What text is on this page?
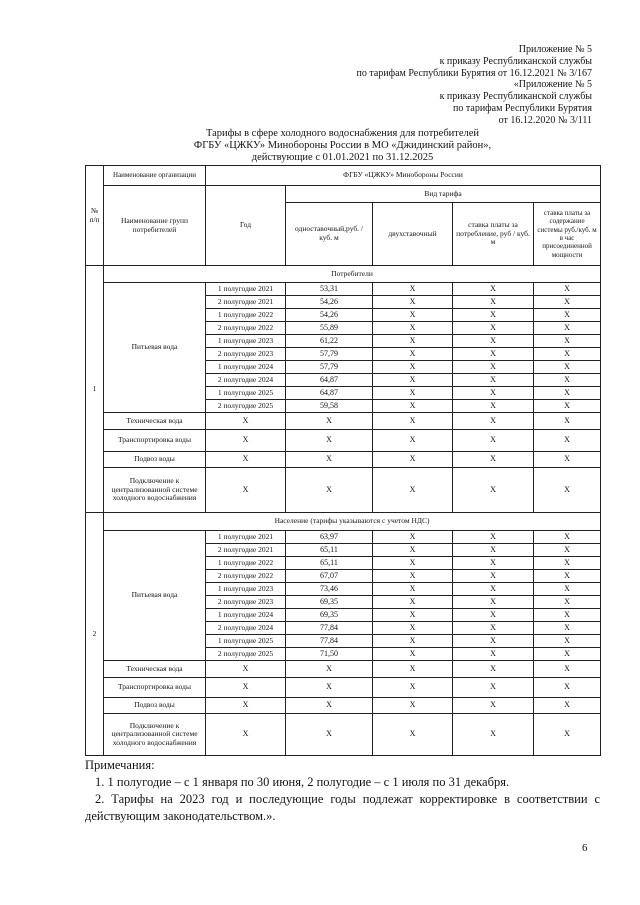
Приложение № 5
к приказу Республиканской службы
по тарифам Республики Бурятия от 16.12.2021 № 3/167
«Приложение № 5
к приказу Республиканской службы
по тарифам Республики Бурятия
от 16.12.2020 № 3/111
Тарифы в сфере холодного водоснабжения для потребителей
ФГБУ «ЦЖКУ» Минобороны России в МО «Джидинский район»,
действующие с 01.01.2021 по 31.12.2025
№ п/п	Наименование организации	ФГБУ «ЦЖКУ» Минобороны России				
	Наименование групп потребителей	Год	Вид тарифа			
			одноставочный,руб. / куб. м	двухставочный	ставка платы за потребление, руб / куб. м	ставка платы за содержание системы руб./куб. м в час присоединенной мощности
1	Потребители					
	Питьевая вода	1 полугодие 2021	53,31	X	X	X
		2 полугодие 2021	54,26	X	X	X
		1 полугодие 2022	54,26	X	X	X
		2 полугодие 2022	55,89	X	X	X
		1 полугодие 2023	61,22	X	X	X
		2 полугодие 2023	57,79	X	X	X
		1 полугодие 2024	57,79	X	X	X
		2 полугодие 2024	64,87	X	X	X
		1 полугодие 2025	64,87	X	X	X
		2 полугодие 2025	59,58	X	X	X
	Техническая вода	X	X	X	X	X
	Транспортировка воды	X	X	X	X	X
	Подвоз воды	X	X	X	X	X
	Подключение к централизованной системе холодного водоснабжения	X	X	X	X	X
2	Население (тарифы указываются с учетом НДС)					
	Питьевая вода	1 полугодие 2021	63,97	X	X	X
		2 полугодие 2021	65,11	X	X	X
		1 полугодие 2022	65,11	X	X	X
		2 полугодие 2022	67,07	X	X	X
		1 полугодие 2023	73,46	X	X	X
		2 полугодие 2023	69,35	X	X	X
		1 полугодие 2024	69,35	X	X	X
		2 полугодие 2024	77,84	X	X	X
		1 полугодие 2025	77,84	X	X	X
		2 полугодие 2025	71,50	X	X	X
	Техническая вода	X	X	X	X	X
	Транспортировка воды	X	X	X	X	X
	Подвоз воды	X	X	X	X	X
	Подключение к централизованной системе холодного водоснабжения	X	X	X	X	X
Примечания:
1. 1 полугодие – с 1 января по 30 июня, 2 полугодие – с 1 июля по 31 декабря.
2. Тарифы на 2023 год и последующие годы подлежат корректировке в соответствии с действующим законодательством.».
6
